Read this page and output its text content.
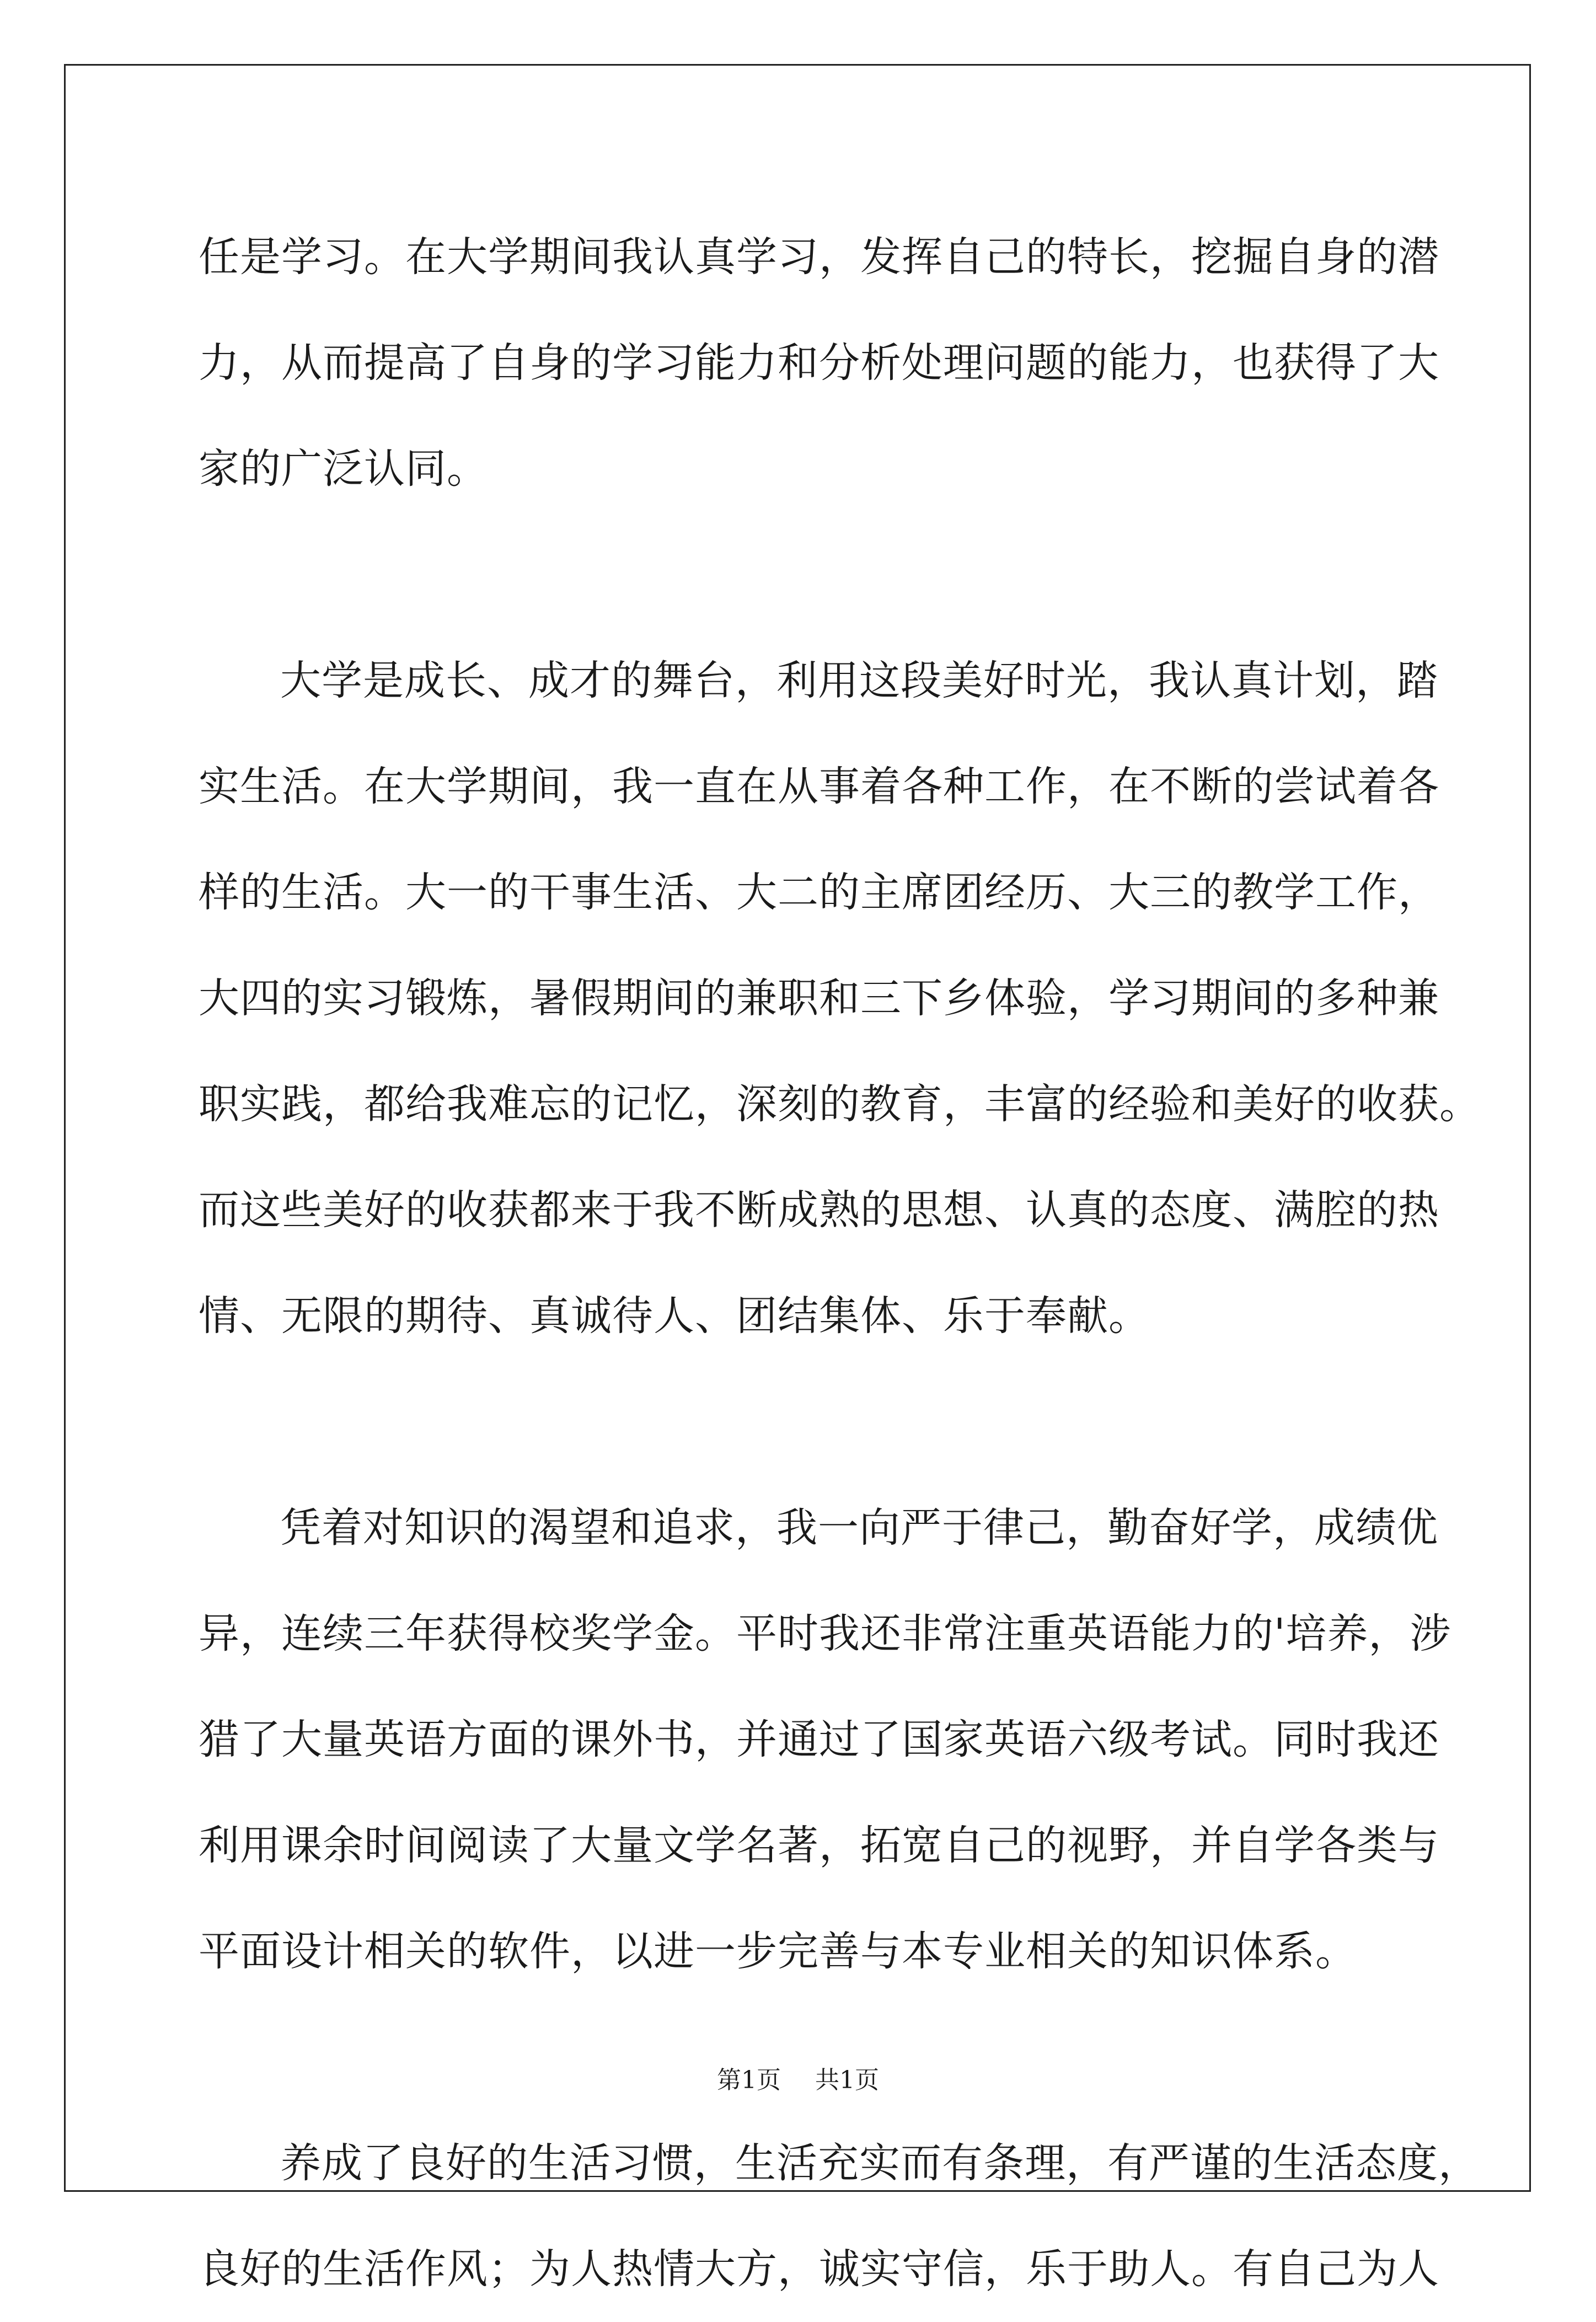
任是学习。在大学期间我认真学习，发挥自己的特长，挖掘自身的潜
力，从而提高了自身的学习能力和分析处理问题的能力，也获得了大
家的广泛认同。
大学是成长、成才的舞台，利用这段美好时光，我认真计划，踏
实生活。在大学期间，我一直在从事着各种工作，在不断的尝试着各
样的生活。大一的干事生活、大二的主席团经历、大三的教学工作，
大四的实习锻炼，暑假期间的兼职和三下乡体验，学习期间的多种兼
职实践，都给我难忘的记忆，深刻的教育，丰富的经验和美好的收获。
而这些美好的收获都来于我不断成熟的思想、认真的态度、满腔的热
情、无限的期待、真诚待人、团结集体、乐于奉献。
凭着对知识的渴望和追求，我一向严于律己，勤奋好学，成绩优
异，连续三年获得校奖学金。平时我还非常注重英语能力的'培养，涉
猎了大量英语方面的课外书，并通过了国家英语六级考试。同时我还
利用课余时间阅读了大量文学名著，拓宽自己的视野，并自学各类与
平面设计相关的软件，以进一步完善与本专业相关的知识体系。
养成了良好的生活习惯，生活充实而有条理，有严谨的生活态度，
良好的生活作风；为人热情大方，诚实守信，乐于助人。有自己为人
第1页 共1页
